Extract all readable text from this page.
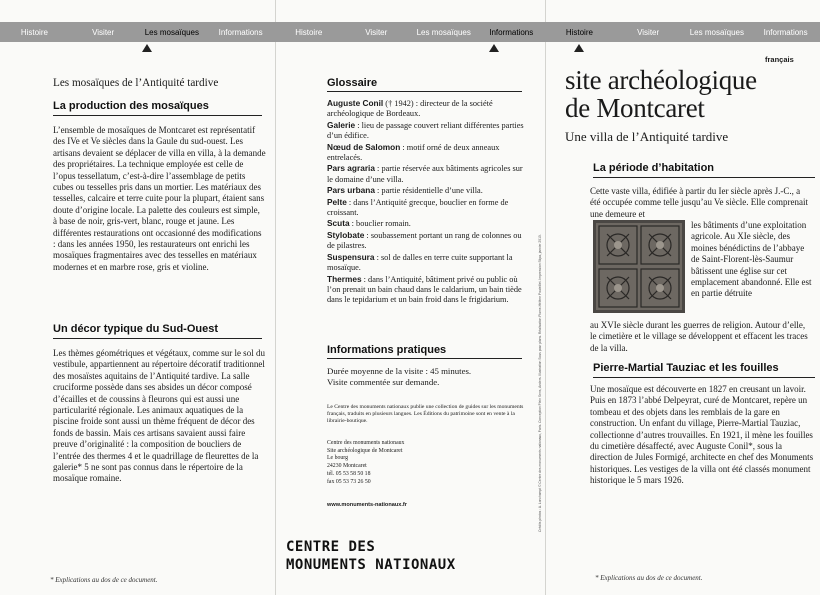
Histoire	Visiter	Les mosaïques	Informations
Les mosaïques de l’Antiquité tardive
La production des mosaïques

L’ensemble de mosaïques de Montcaret est représentatif des IVe et Ve siècles dans la Gaule du sud-ouest. Les artisans devaient se déplacer de villa en villa, à la demande des propriétaires. La technique employée est celle de l’opus tessellatum, c’est-à-dire l’assemblage de petits cubes ou tesselles pris dans un mortier. Les matériaux des tesselles, calcaire et terre cuite pour la plupart, étaient sans doute d’origine locale. La palette des couleurs est simple, à base de noir, gris-vert, blanc, rouge et jaune. Les différentes restaurations ont occasionné des modifications : dans les années 1950, les restaurateurs ont enrichi les mosaïques fragmentaires avec des tesselles en matériaux modernes et en marbre rose, gris et violine.

Un décor typique du Sud-Ouest

Les thèmes géométriques et végétaux, comme sur le sol du vestibule, appartiennent au répertoire décoratif traditionnel des mosaïstes aquitains de l’Antiquité tardive. La salle cruciforme possède dans ses absides un décor composé d’écailles et de coussins à fleurons qui est aussi une particularité régionale. Les animaux aquatiques de la piscine froide sont aussi un thème fréquent de décor des fonds de bassin. Mais ces artisans savaient aussi faire preuve d’originalité : la composition de boucliers de l’entrée des thermes 4 et le quadrillage de fleurettes de la galerie* 5 ne sont pas connus dans le répertoire de la mosaïque romaine.

* Explications au dos de ce document.
Histoire	Visiter	Les mosaïques	Informations
Glossaire
Auguste Conil († 1942) : directeur de la société archéologique de Bordeaux.
Galerie : lieu de passage couvert reliant différentes parties d’un édifice.
Nœud de Salomon : motif orné de deux anneaux entrelacés.
Pars agraria : partie réservée aux bâtiments agricoles sur le domaine d’une villa.
Pars urbana : partie résidentielle d’une villa.
Pelte : dans l’Antiquité grecque, bouclier en forme de croissant.
Scuta : bouclier romain.
Stylobate : soubassement portant un rang de colonnes ou de pilastres.
Suspensura : sol de dalles en terre cuite supportant la mosaïque.
Thermes : dans l’Antiquité, bâtiment privé ou public où l’on prenait un bain chaud dans le caldarium, un bain tiède dans le tepidarium et un bain froid dans le frigidarium.
Informations pratiques
Durée moyenne de la visite : 45 minutes.
Visite commentée sur demande.
Le Centre des monuments nationaux publie une collection de guides sur les monuments français, traduits en plusieurs langues. Les Éditions du patrimoine sont en vente à la librairie-boutique.
Centre des monuments nationaux
Site archéologique de Montcaret
Le bourg
24230 Montcaret
tél. 05 53 58 50 18
fax 05 53 73 26 50
www.monuments-nationaux.fr
CENTRE DES
MONUMENTS NATIONAUX
Crédits photos : A. Lonchampt © Centre des monuments nationaux, Paris. Conception Plein Sens, Anders. Illustration Sous pour plans. Réalisation Plume-Hélène Pouteillet. Impression Stipa, janvier 2010.
Histoire	Visiter	Les mosaïques	Informations
français
site archéologique
de Montcaret
Une villa de l’Antiquité tardive
La période d’habitation

Cette vaste villa, édifiée à partir du Ier siècle après J.-C., a été occupée comme telle jusqu’au Ve siècle. Elle comprenait une demeure et

les bâtiments d’une exploitation agricole. Au XIe siècle, des moines bénédictins de l’abbaye de Saint-Florent-lès-Saumur bâtissent une église sur cet emplacement abandonné. Elle est en partie détruite

au XVIe siècle durant les guerres de religion. Autour d’elle, le cimetière et le village se développent et effacent les traces de la villa.

Pierre-Martial Tauziac et les fouilles

Une mosaïque est découverte en 1827 en creusant un lavoir. Puis en 1873 l’abbé Delpeyrat, curé de Montcaret, repère un tombeau et des objets dans les remblais de la gare en construction. Un enfant du village, Pierre-Martial Tauziac, collectionne d’autres trouvailles. En 1921, il mène les fouilles du cimetière désaffecté, avec Auguste Conil*, sous la direction de Jules Formigé, architecte en chef des Monuments historiques. Les vestiges de la villa ont été classés monument historique le 5 mars 1926.

* Explications au dos de ce document.
